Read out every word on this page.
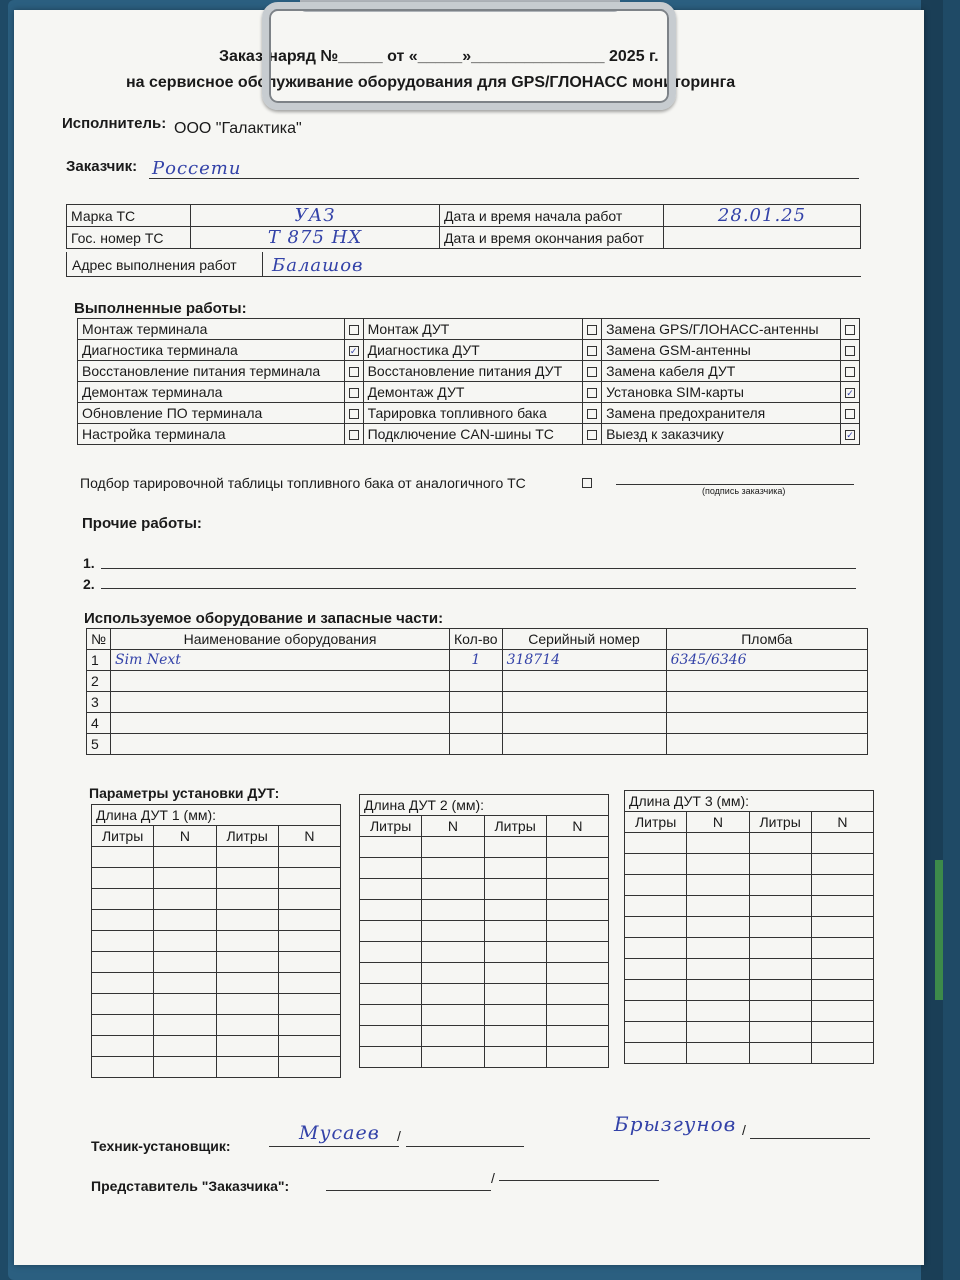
Заказ-наряд №_____ от «_____»_______________ 2025 г.
на сервисное обслуживание оборудования для GPS/ГЛОНАСС мониторинга
Исполнитель: ООО "Галактика"
Заказчик: Россети
Марка ТС	УАЗ	Дата и время начала работ	28.01.25
Гос. номер ТС	Т 875 НХ	Дата и время окончания работ	
Адрес выполнения работ Балашов
Выполненные работы:
Монтаж терминала		Монтаж ДУТ		Замена GPS/ГЛОНАСС-антенны	
Диагностика терминала	✓	Диагностика ДУТ		Замена GSM-антенны	
Восстановление питания терминала		Восстановление питания ДУТ		Замена кабеля ДУТ	
Демонтаж терминала		Демонтаж ДУТ		Установка SIM-карты	✓
Обновление ПО терминала		Тарировка топливного бака		Замена предохранителя	
Настройка терминала		Подключение CAN-шины ТС		Выезд к заказчику	✓
Подбор тарировочной таблицы топливного бака от аналогичного ТС	(подпись заказчика)
Прочие работы:
1.
2.
Используемое оборудование и запасные части:
№	Наименование оборудования	Кол-во	Серийный номер	Пломба
1	Sim Next	1	318714	6345/6346
2				
3				
4				
5				
Параметры установки ДУТ:
Длина ДУТ 1 (мм):			
Литры	N	Литры	N

Длина ДУТ 2 (мм):			
Литры	N	Литры	N

Длина ДУТ 3 (мм):			
Литры	N	Литры	N

Техник-установщик:
Мусаев /	Брызгунов /
Представитель "Заказчика":	/
